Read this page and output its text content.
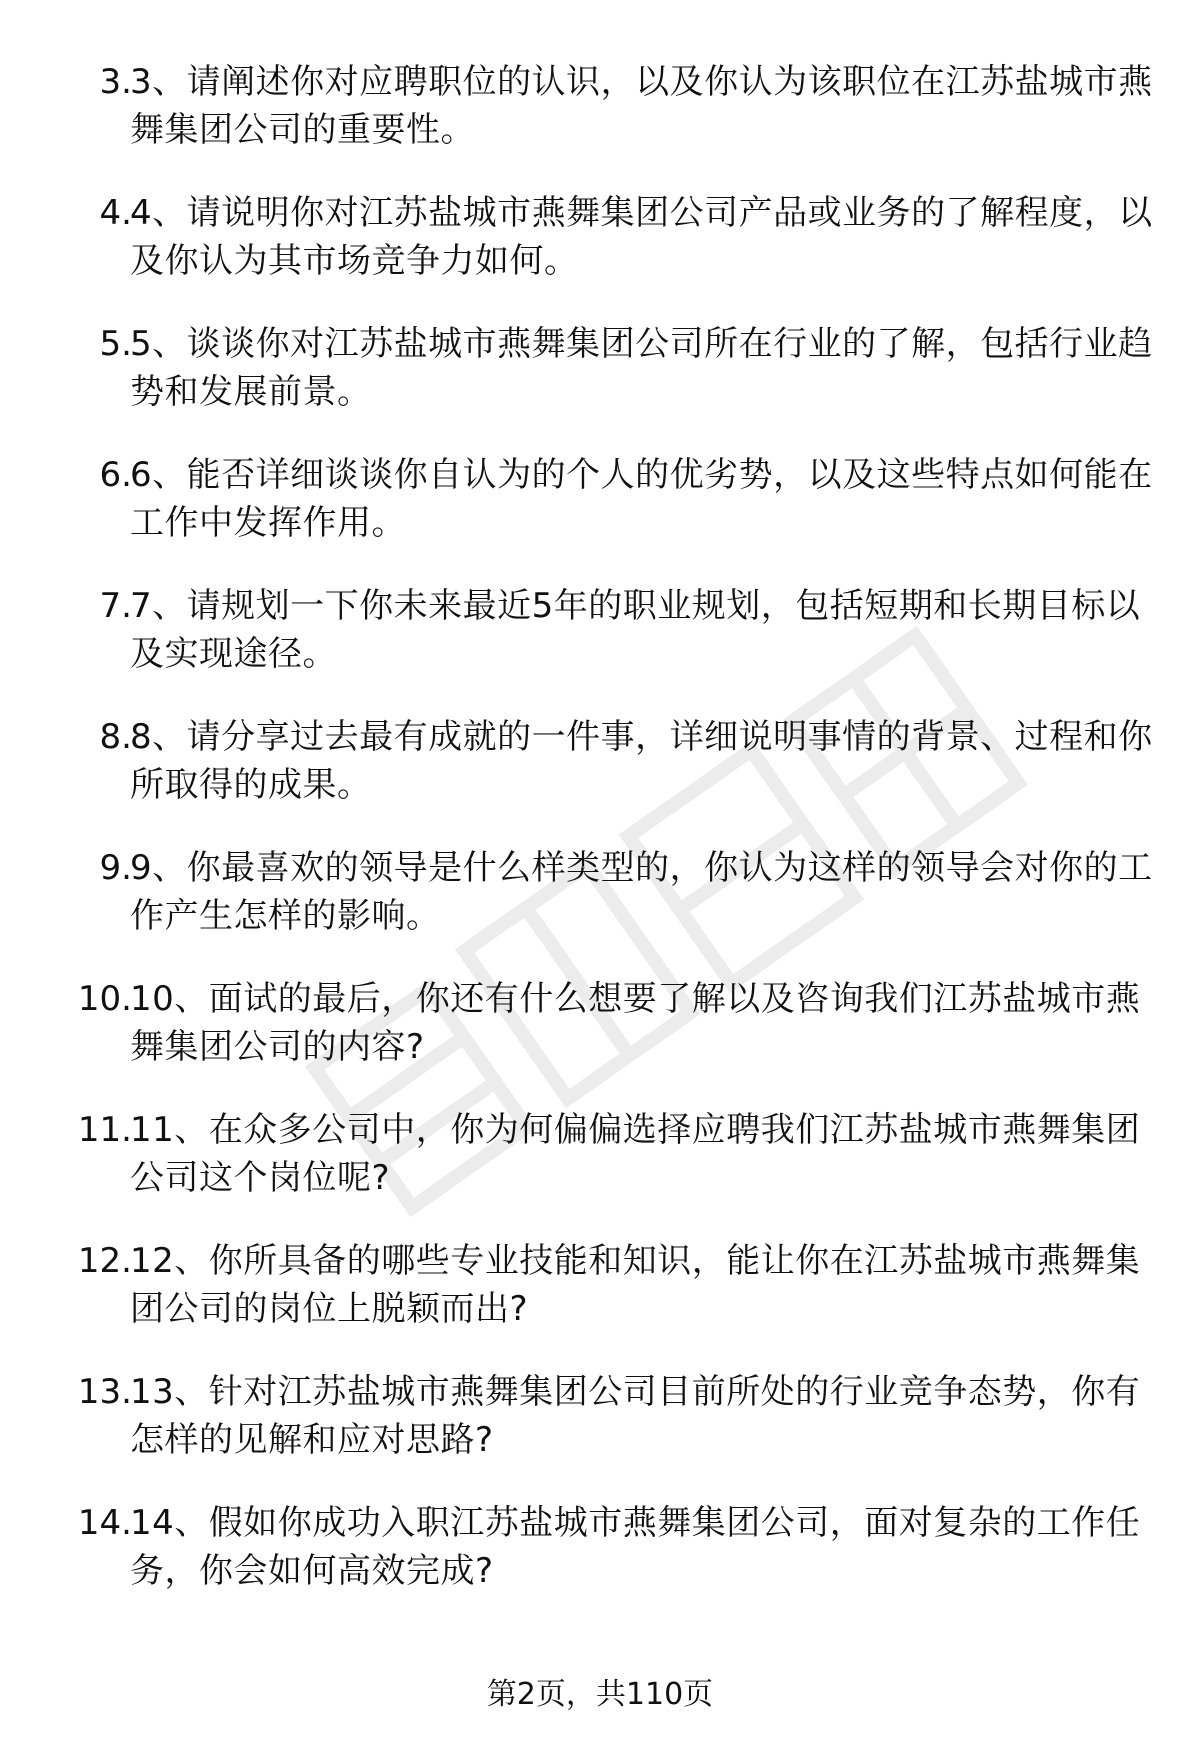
3.
3、请阐述你对应聘职位的认识，以及你认为该职位在江苏盐城市燕舞集团公司的重要性。
4.
4、请说明你对江苏盐城市燕舞集团公司产品或业务的了解程度，以及你认为其市场竞争力如何。
5.
5、谈谈你对江苏盐城市燕舞集团公司所在行业的了解，包括行业趋势和发展前景。
6.
6、能否详细谈谈你自认为的个人的优劣势，以及这些特点如何能在工作中发挥作用。
7.
7、请规划一下你未来最近5年的职业规划，包括短期和长期目标以及实现途径。
8.
8、请分享过去最有成就的一件事，详细说明事情的背景、过程和你所取得的成果。
9.
9、你最喜欢的领导是什么样类型的，你认为这样的领导会对你的工作产生怎样的影响。
10.
10、面试的最后，你还有什么想要了解以及咨询我们江苏盐城市燕舞集团公司的内容?
11.
11、在众多公司中，你为何偏偏选择应聘我们江苏盐城市燕舞集团公司这个岗位呢?
12.
12、你所具备的哪些专业技能和知识，能让你在江苏盐城市燕舞集团公司的岗位上脱颖而出?
13.
13、针对江苏盐城市燕舞集团公司目前所处的行业竞争态势，你有怎样的见解和应对思路?
14.
14、假如你成功入职江苏盐城市燕舞集团公司，面对复杂的工作任务，你会如何高效完成?
第2页，共110页
